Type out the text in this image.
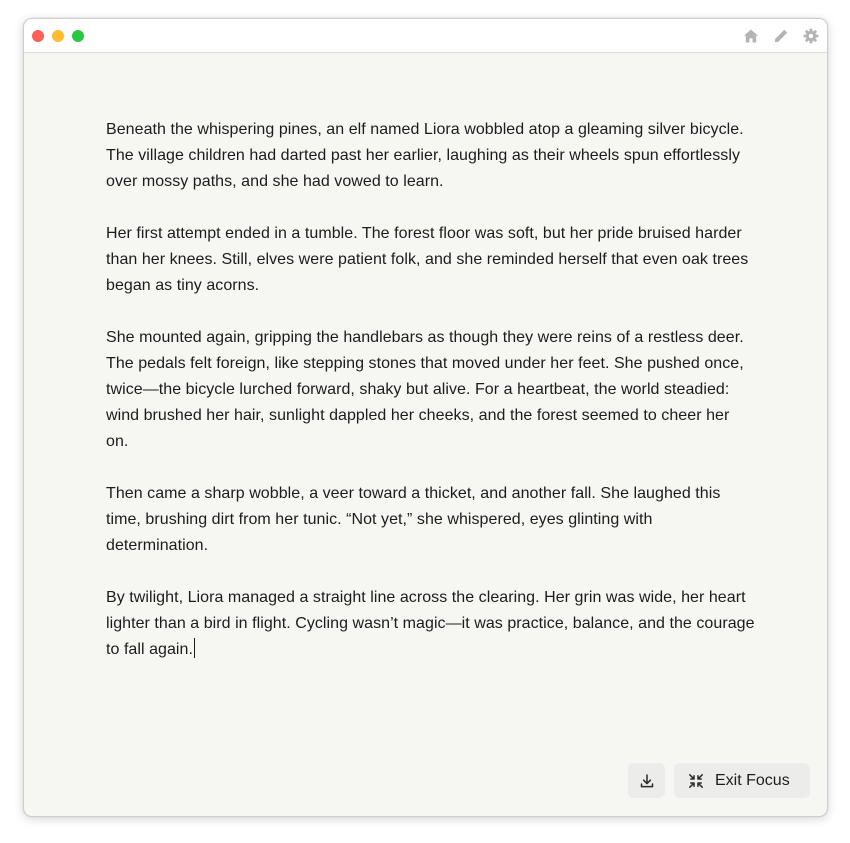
Beneath the whispering pines, an elf named Liora wobbled atop a gleaming silver bicycle. The village children had darted past her earlier, laughing as their wheels spun effortlessly over mossy paths, and she had vowed to learn.

Her first attempt ended in a tumble. The forest floor was soft, but her pride bruised harder than her knees. Still, elves were patient folk, and she reminded herself that even oak trees began as tiny acorns.

She mounted again, gripping the handlebars as though they were reins of a restless deer. The pedals felt foreign, like stepping stones that moved under her feet. She pushed once, twice—the bicycle lurched forward, shaky but alive. For a heartbeat, the world steadied: wind brushed her hair, sunlight dappled her cheeks, and the forest seemed to cheer her on.

Then came a sharp wobble, a veer toward a thicket, and another fall. She laughed this time, brushing dirt from her tunic. “Not yet,” she whispered, eyes glinting with determination.

By twilight, Liora managed a straight line across the clearing. Her grin was wide, her heart lighter than a bird in flight. Cycling wasn’t magic—it was practice, balance, and the courage to fall again.

Exit Focus
